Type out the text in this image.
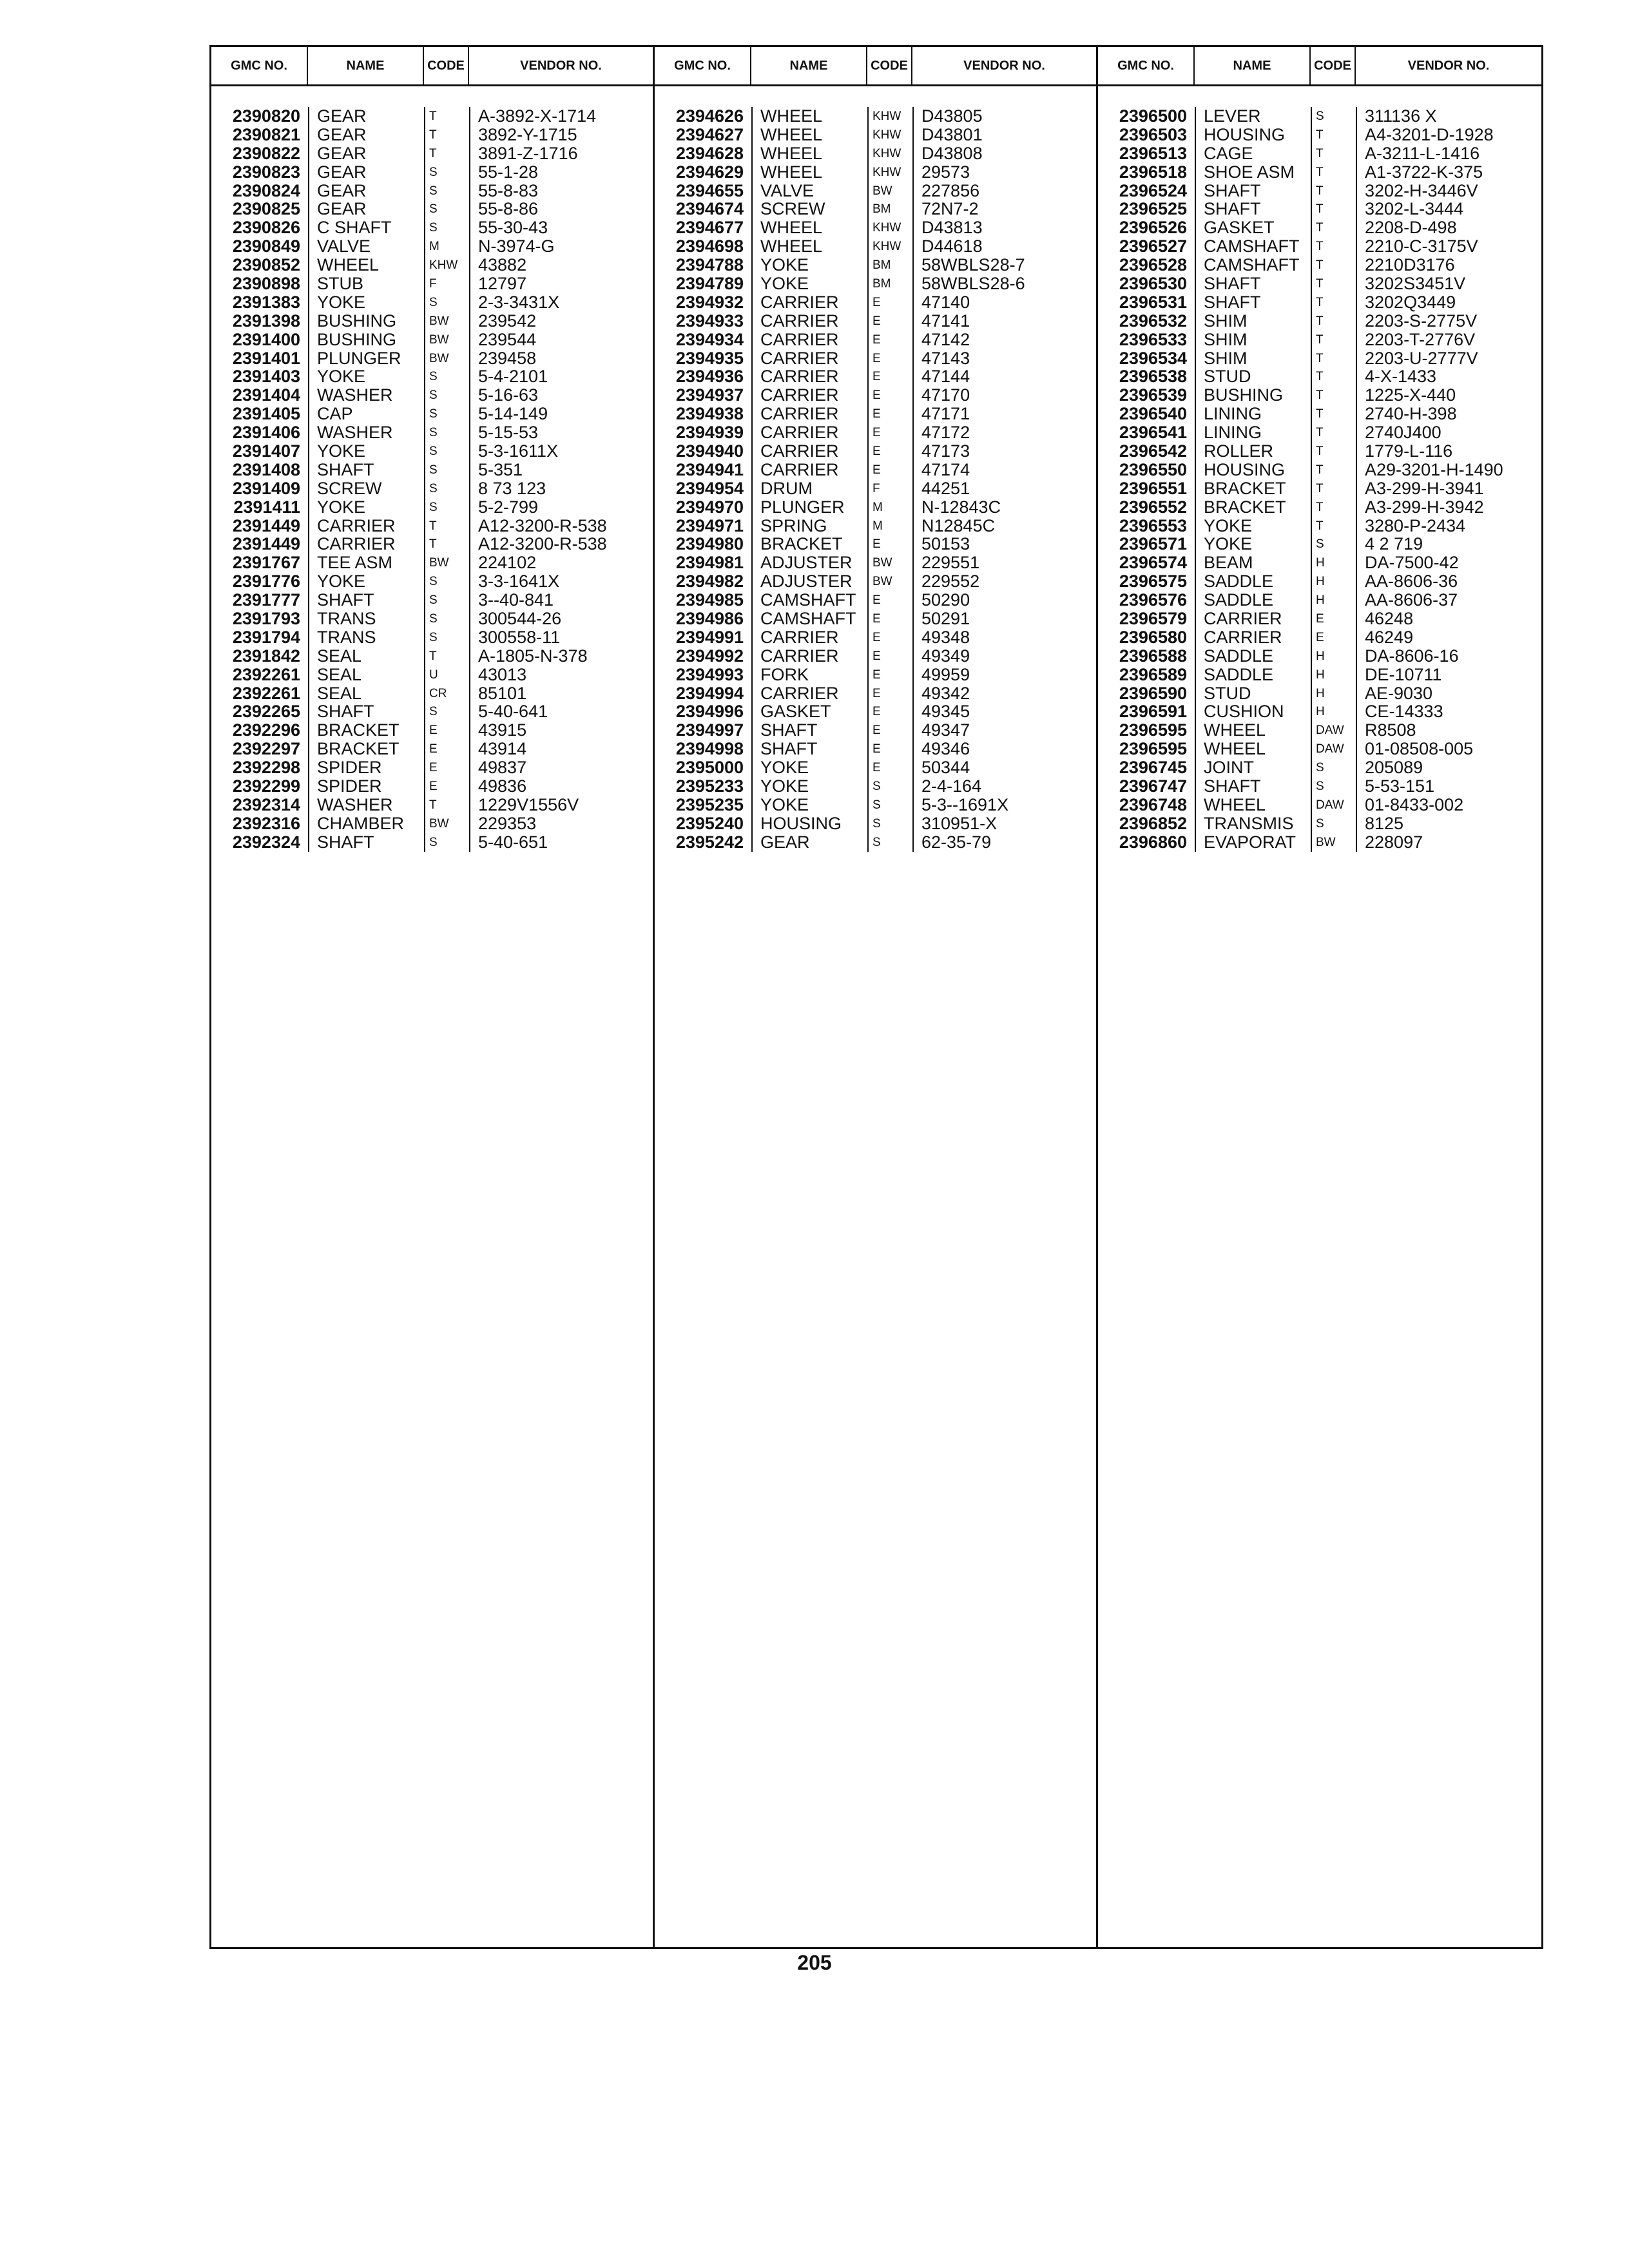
GMC NO.	NAME	CODE	VENDOR NO.
2390820 GEAR	T	A-3892-X-1714
2390821 GEAR	T	3892-Y-1715
2390822 GEAR	T	3891-Z-1716
2390823 GEAR	S	55-1-28
2390824 GEAR	S	55-8-83
2390825 GEAR	S	55-8-86
2390826 C SHAFT	S	55-30-43
2390849 VALVE	M	N-3974-G
2390852 WHEEL	KHW	43882
2390898 STUB	F	12797
2391383 YOKE	S	2-3-3431X
2391398 BUSHING	BW	239542
2391400 BUSHING	BW	239544
2391401 PLUNGER	BW	239458
2391403 YOKE	S	5-4-2101
2391404 WASHER	S	5-16-63
2391405 CAP	S	5-14-149
2391406 WASHER	S	5-15-53
2391407 YOKE	S	5-3-1611X
2391408 SHAFT	S	5-351
2391409 SCREW	S	8 73 123
2391411 YOKE	S	5-2-799
2391449 CARRIER	T	A12-3200-R-538
2391449 CARRIER	T	A12-3200-R-538
2391767 TEE ASM	BW	224102
2391776 YOKE	S	3-3-1641X
2391777 SHAFT	S	3--40-841
2391793 TRANS	S	300544-26
2391794 TRANS	S	300558-11
2391842 SEAL	T	A-1805-N-378
2392261 SEAL	U	43013
2392261 SEAL	CR	85101
2392265 SHAFT	S	5-40-641
2392296 BRACKET	E	43915
2392297 BRACKET	E	43914
2392298 SPIDER	E	49837
2392299 SPIDER	E	49836
2392314 WASHER	T	1229V1556V
2392316 CHAMBER	BW	229353
2392324 SHAFT	S	5-40-651
GMC NO.	NAME	CODE	VENDOR NO.
2394626 WHEEL	KHW	D43805
2394627 WHEEL	KHW	D43801
2394628 WHEEL	KHW	D43808
2394629 WHEEL	KHW	29573
2394655 VALVE	BW	227856
2394674 SCREW	BM	72N7-2
2394677 WHEEL	KHW	D43813
2394698 WHEEL	KHW	D44618
2394788 YOKE	BM	58WBLS28-7
2394789 YOKE	BM	58WBLS28-6
2394932 CARRIER	E	47140
2394933 CARRIER	E	47141
2394934 CARRIER	E	47142
2394935 CARRIER	E	47143
2394936 CARRIER	E	47144
2394937 CARRIER	E	47170
2394938 CARRIER	E	47171
2394939 CARRIER	E	47172
2394940 CARRIER	E	47173
2394941 CARRIER	E	47174
2394954 DRUM	F	44251
2394970 PLUNGER	M	N-12843C
2394971 SPRING	M	N12845C
2394980 BRACKET	E	50153
2394981 ADJUSTER	BW	229551
2394982 ADJUSTER	BW	229552
2394985 CAMSHAFT	E	50290
2394986 CAMSHAFT	E	50291
2394991 CARRIER	E	49348
2394992 CARRIER	E	49349
2394993 FORK	E	49959
2394994 CARRIER	E	49342
2394996 GASKET	E	49345
2394997 SHAFT	E	49347
2394998 SHAFT	E	49346
2395000 YOKE	E	50344
2395233 YOKE	S	2-4-164
2395235 YOKE	S	5-3--1691X
2395240 HOUSING	S	310951-X
2395242 GEAR	S	62-35-79
GMC NO.	NAME	CODE	VENDOR NO.
2396500 LEVER	S	311136 X
2396503 HOUSING	T	A4-3201-D-1928
2396513 CAGE	T	A-3211-L-1416
2396518 SHOE ASM	T	A1-3722-K-375
2396524 SHAFT	T	3202-H-3446V
2396525 SHAFT	T	3202-L-3444
2396526 GASKET	T	2208-D-498
2396527 CAMSHAFT	T	2210-C-3175V
2396528 CAMSHAFT	T	2210D3176
2396530 SHAFT	T	3202S3451V
2396531 SHAFT	T	3202Q3449
2396532 SHIM	T	2203-S-2775V
2396533 SHIM	T	2203-T-2776V
2396534 SHIM	T	2203-U-2777V
2396538 STUD	T	4-X-1433
2396539 BUSHING	T	1225-X-440
2396540 LINING	T	2740-H-398
2396541 LINING	T	2740J400
2396542 ROLLER	T	1779-L-116
2396550 HOUSING	T	A29-3201-H-1490
2396551 BRACKET	T	A3-299-H-3941
2396552 BRACKET	T	A3-299-H-3942
2396553 YOKE	T	3280-P-2434
2396571 YOKE	S	4 2 719
2396574 BEAM	H	DA-7500-42
2396575 SADDLE	H	AA-8606-36
2396576 SADDLE	H	AA-8606-37
2396579 CARRIER	E	46248
2396580 CARRIER	E	46249
2396588 SADDLE	H	DA-8606-16
2396589 SADDLE	H	DE-10711
2396590 STUD	H	AE-9030
2396591 CUSHION	H	CE-14333
2396595 WHEEL	DAW	R8508
2396595 WHEEL	DAW	01-08508-005
2396745 JOINT	S	205089
2396747 SHAFT	S	5-53-151
2396748 WHEEL	DAW	01-8433-002
2396852 TRANSMIS	S	8125
2396860 EVAPORAT	BW	228097
205
